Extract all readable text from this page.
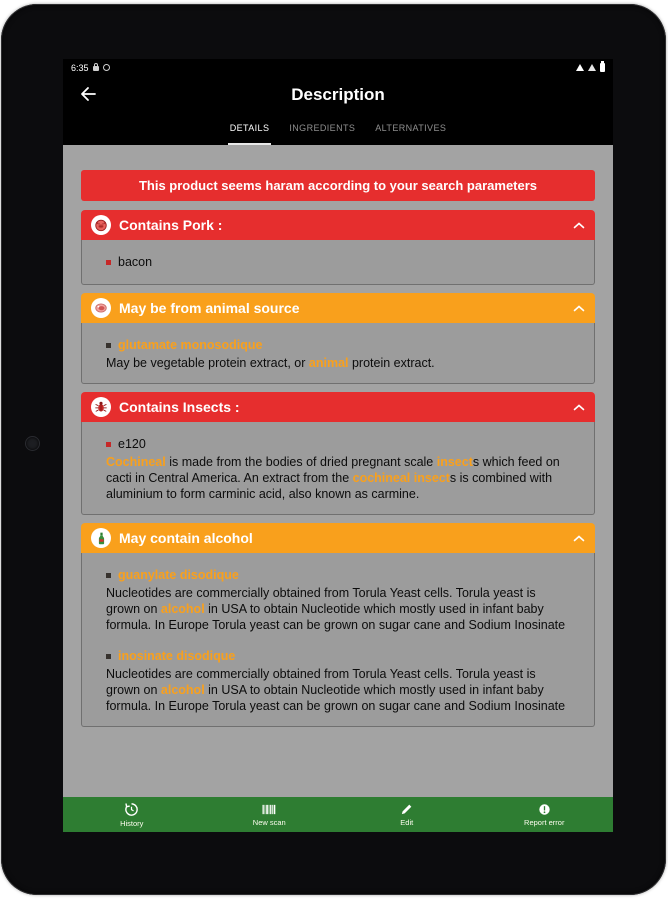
6:35
Description
DETAILS INGREDIENTS ALTERNATIVES
This product seems haram according to your search parameters
Contains Pork :
bacon
May be from animal source
glutamate monosodique
May be vegetable protein extract, or animal protein extract.
Contains Insects :
e120
Cochineal is made from the bodies of dried pregnant scale insects which feed on cacti in Central America. An extract from the cochineal insects is combined with aluminium to form carminic acid, also known as carmine.
May contain alcohol
guanylate disodique
Nucleotides are commercially obtained from Torula Yeast cells. Torula yeast is grown on alcohol in USA to obtain Nucleotide which mostly used in infant baby formula. In Europe Torula yeast can be grown on sugar cane and Sodium Inosinate
inosinate disodique
Nucleotides are commercially obtained from Torula Yeast cells. Torula yeast is grown on alcohol in USA to obtain Nucleotide which mostly used in infant baby formula. In Europe Torula yeast can be grown on sugar cane and Sodium Inosinate
History	New scan	Edit	Report error
